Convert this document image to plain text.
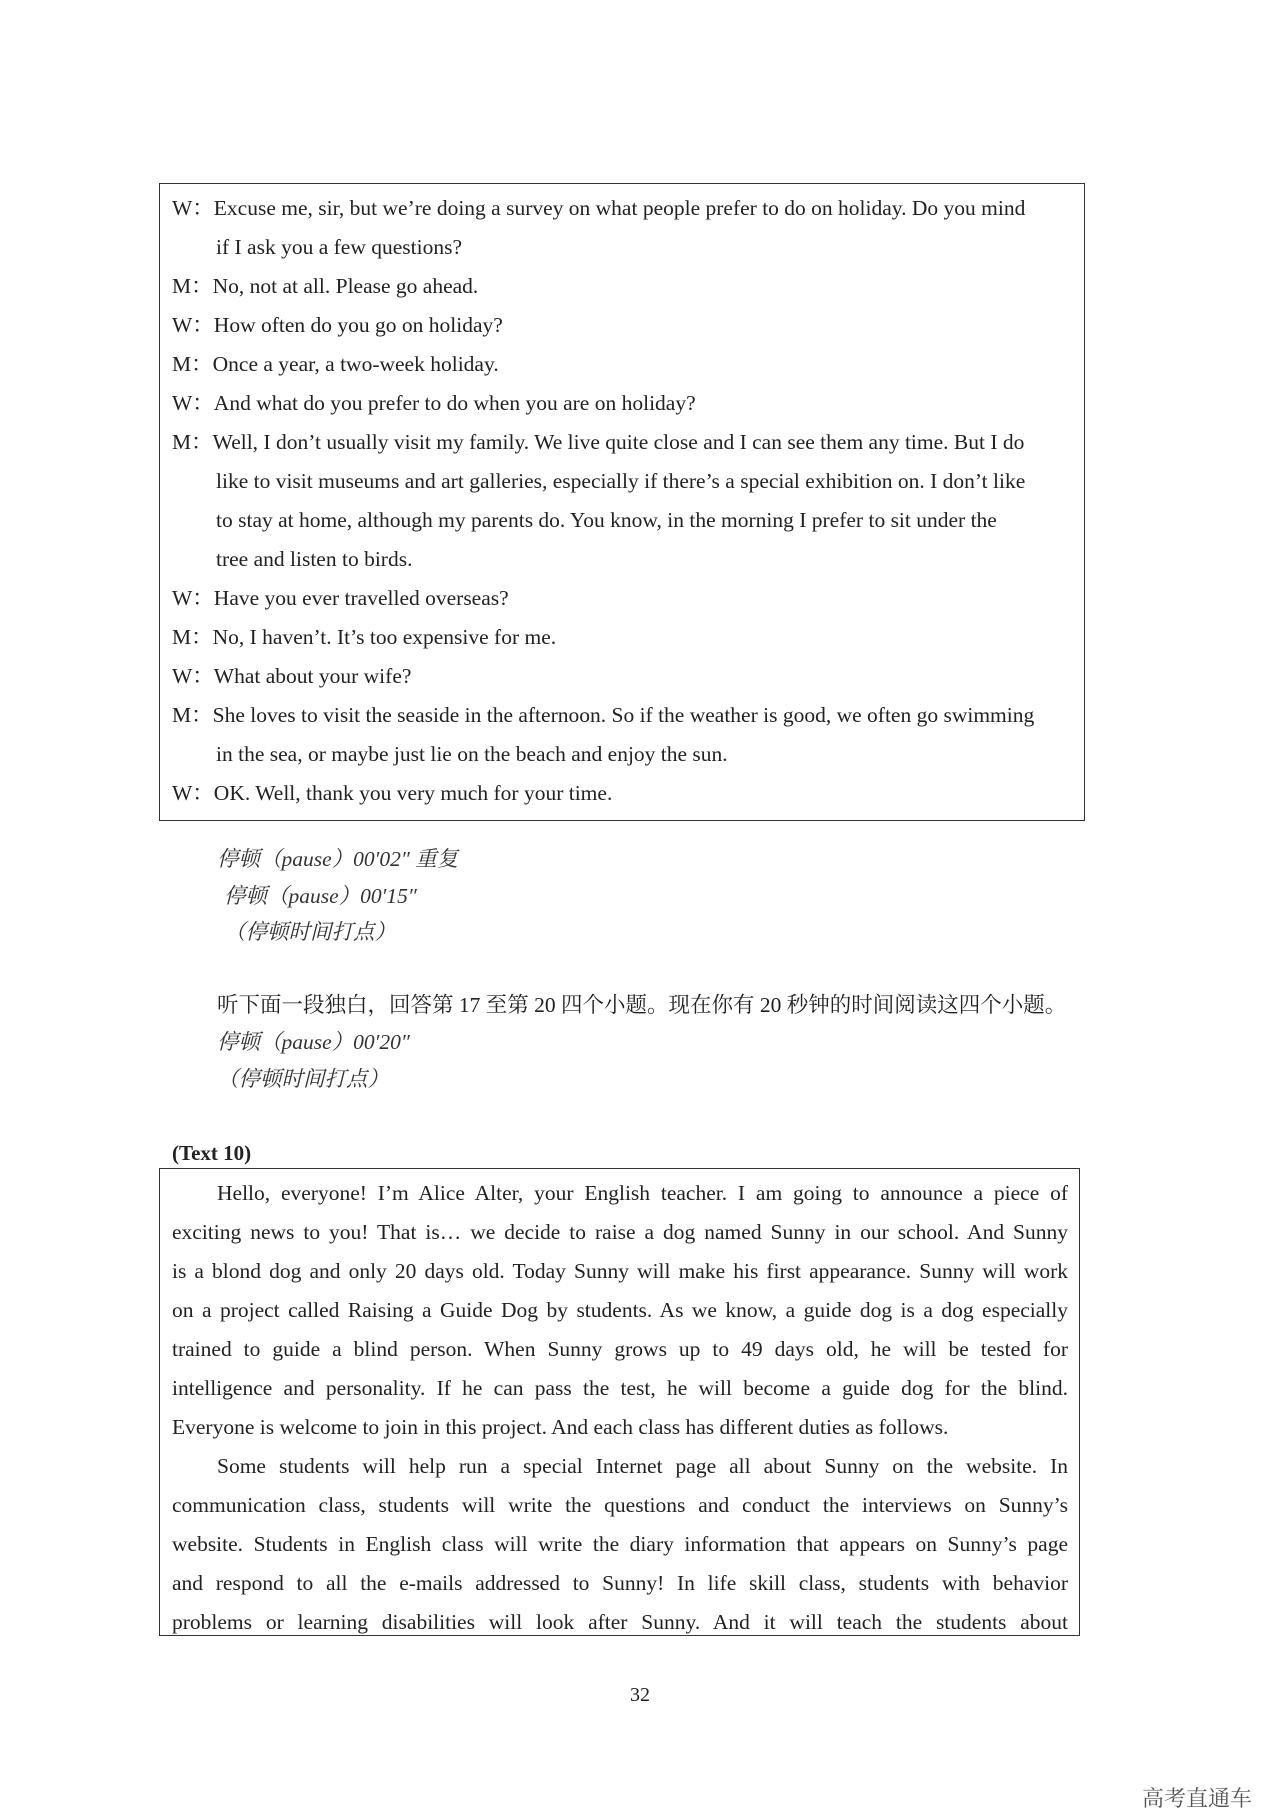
W：Excuse me, sir, but we’re doing a survey on what people prefer to do on holiday. Do you mind
if I ask you a few questions?
M：No, not at all. Please go ahead.
W：How often do you go on holiday?
M：Once a year, a two-week holiday.
W：And what do you prefer to do when you are on holiday?
M：Well, I don’t usually visit my family. We live quite close and I can see them any time. But I do
like to visit museums and art galleries, especially if there’s a special exhibition on. I don’t like
to stay at home, although my parents do. You know, in the morning I prefer to sit under the
tree and listen to birds.
W：Have you ever travelled overseas?
M：No, I haven’t. It’s too expensive for me.
W：What about your wife?
M：She loves to visit the seaside in the afternoon. So if the weather is good, we often go swimming
in the sea, or maybe just lie on the beach and enjoy the sun.
W：OK. Well, thank you very much for your time.
停顿（pause）00′02″ 重复
停顿（pause）00′15″
（停顿时间打点）
听下面一段独白，回答第 17 至第 20 四个小题。现在你有 20 秒钟的时间阅读这四个小题。
停顿（pause）00′20″
（停顿时间打点）
(Text 10)
Hello, everyone! I’m Alice Alter, your English teacher. I am going to announce a piece of
exciting news to you! That is… we decide to raise a dog named Sunny in our school. And Sunny
is a blond dog and only 20 days old. Today Sunny will make his first appearance. Sunny will work
on a project called Raising a Guide Dog by students. As we know, a guide dog is a dog especially
trained to guide a blind person. When Sunny grows up to 49 days old, he will be tested for
intelligence and personality. If he can pass the test, he will become a guide dog for the blind.
Everyone is welcome to join in this project. And each class has different duties as follows.
Some students will help run a special Internet page all about Sunny on the website. In
communication class, students will write the questions and conduct the interviews on Sunny’s
website. Students in English class will write the diary information that appears on Sunny’s page
and respond to all the e-mails addressed to Sunny! In life skill class, students with behavior
problems or learning disabilities will look after Sunny. And it will teach the students about
32
高考直通车
